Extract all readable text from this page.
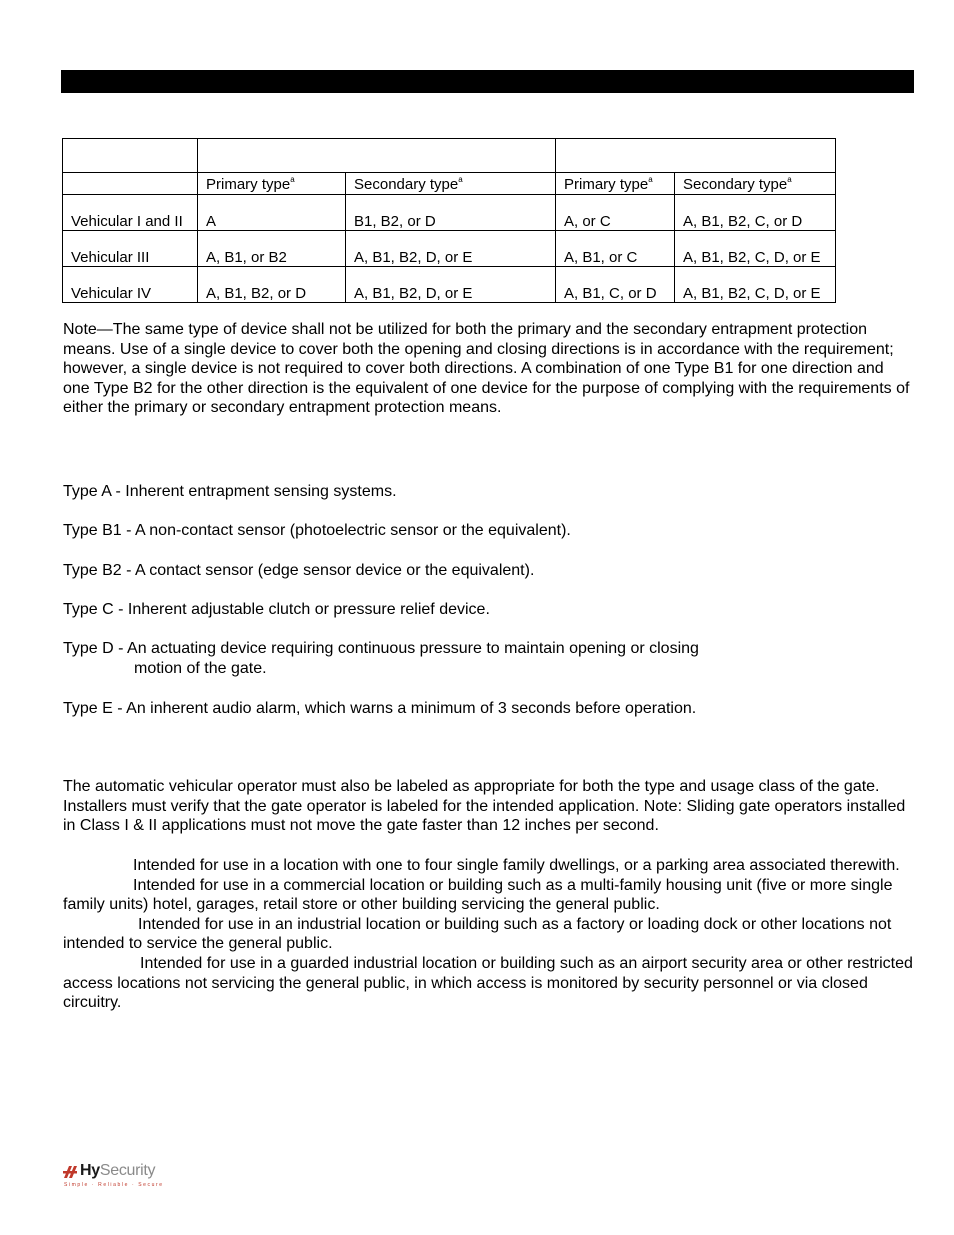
	Primary type$^a$	Secondary type$^a$	Primary type$^a$	Secondary type$^a$
Vehicular I and II	A	B1, B2, or D	A, or C	A, B1, B2, C, or D
Vehicular III	A, B1, or B2	A, B1, B2, D, or E	A, B1, or C	A, B1, B2, C, D, or E
Vehicular IV	A, B1, B2, or D	A, B1, B2, D, or E	A, B1, C, or D	A, B1, B2, C, D, or E
Note—The same type of device shall not be utilized for both the primary and the secondary entrapment protection means. Use of a single device to cover both the opening and closing directions is in accordance with the requirement; however, a single device is not required to cover both directions. A combination of one Type B1 for one direction and one Type B2 for the other direction is the equivalent of one device for the purpose of complying with the requirements of either the primary or secondary entrapment protection means.

Type A - Inherent entrapment sensing systems.

Type B1 - A non-contact sensor (photoelectric sensor or the equivalent).

Type B2 - A contact sensor (edge sensor device or the equivalent).

Type C - Inherent adjustable clutch or pressure relief device.

Type D - An actuating device requiring continuous pressure to maintain opening or closing
motion of the gate.

Type E - An inherent audio alarm, which warns a minimum of 3 seconds before operation.

The automatic vehicular operator must also be labeled as appropriate for both the type and usage class of the gate. Installers must verify that the gate operator is labeled for the intended application. Note: Sliding gate operators installed in Class I & II applications must not move the gate faster than 12 inches per second.

Intended for use in a location with one to four single family dwellings, or a parking area associated therewith.

Intended for use in a commercial location or building such as a multi-family housing unit (five or more single family units) hotel, garages, retail store or other building servicing the general public.

Intended for use in an industrial location or building such as a factory or loading dock or other locations not intended to service the general public.

Intended for use in a guarded industrial location or building such as an airport security area or other restricted access locations not servicing the general public, in which access is monitored by security personnel or via closed circuitry.

HySecurity
Simple · Reliable · Secure
